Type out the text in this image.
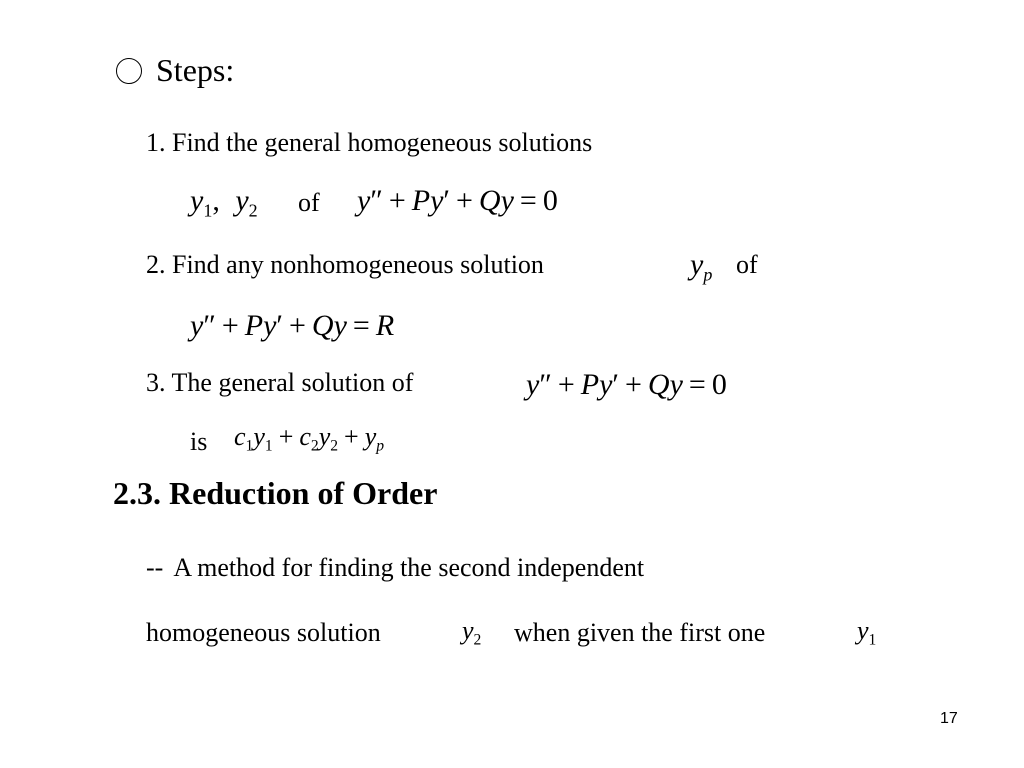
Steps:
1. Find the general homogeneous solutions
$y_1$, $y_2$ of y″ + Py′ + Qy = 0
2. Find any nonhomogeneous solution	$y_p$ of
y″ + Py′ + Qy = R
3. The general solution of	y″ + Py′ + Qy = 0
is $c_1y_1 + c_2y_2 + y_p$
2.3. Reduction of Order
-- A method for finding the second independent
homogeneous solution	$y_2$ when given the first one	$y_1$
17
